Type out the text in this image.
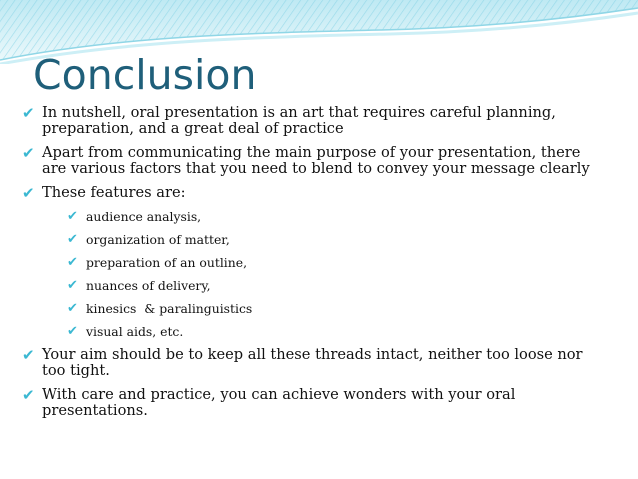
Conclusion
✔ In nutshell, oral presentation is an art that requires careful planning, preparation, and a great deal of practice
✔ Apart from communicating the main purpose of your presentation, there are various factors that you need to blend to convey your message clearly
✔ These features are:
✔ audience analysis,
✔ organization of matter,
✔ preparation of an outline,
✔ nuances of delivery,
✔ kinesics  & paralinguistics
✔ visual aids, etc.
✔ Your aim should be to keep all these threads intact, neither too loose nor too tight.
✔ With care and practice, you can achieve wonders with your oral presentations.
